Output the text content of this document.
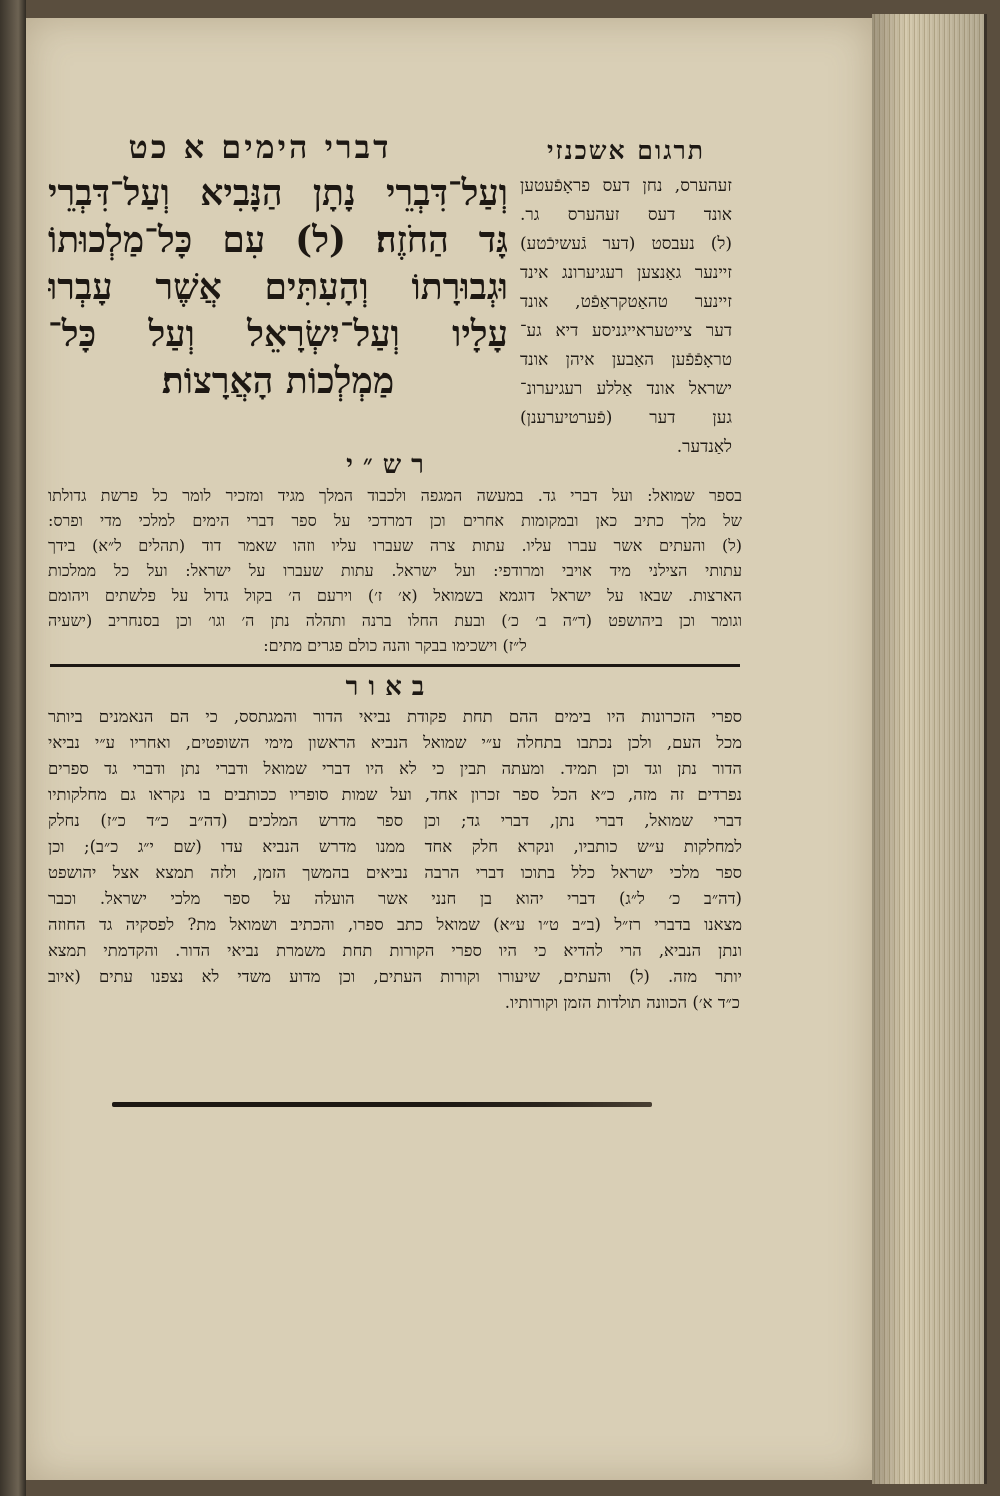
תרגום אשכנזי
דברי הימים א כט
וְעַל־דִּבְרֵי נָתָן הַנָּבִיא וְעַל־דִּבְרֵי
גָּד הַחֹזֶה׃ (ל) עִם כָּל־מַלְכוּתוֹ
וּגְבוּרָתוֹ וְהָעִתִּים אֲשֶׁר עָבְרוּ
עָלָיו וְעַל־יִשְׂרָאֵל וְעַל כָּל־
מַמְלְכוֹת הָאֲרָצוֹת׃
זעהערס, נחן דעס פראָפֿעטען
אונד דעס זעהערס גר.
(ל) נעבסט (דער גֿעשיכֿטע)
זיינער גאַנצען רעגיערונג אינד
זיינער טהאַטקראַפֿט, אונד
דער צייטעראייגניסע דיא גע־
טראָפֿפֿען האַבען איהן אונד
ישראל אונד אַללע רעגיערונ־
גען דער (פֿערטיערענן)
לאַנדער.
רש״י
בספר שמואל: ועל דברי גד. במעשה המגפה ולכבוד המלך מגיד ומזכיר לומר כל פרשת גדולתו
של מלך כתיב כאן ובמקומות אחרים וכן דמרדכי על ספר דברי הימים למלכי מדי ופרס:
(ל) והעתים אשר עברו עליו. עתות צרה שעברו עליו וזהו שאמר דוד (תהלים ל״א) בידך
עתותי הצילני מיד אויבי ומרודפי: ועל ישראל. עתות שעברו על ישראל: ועל כל ממלכות
הארצות. שבאו על ישראל דוגמא בשמואל (א׳ ז׳) וירעם ה׳ בקול גדול על פלשתים ויהומם
וגומר וכן ביהושפט (ד״ה ב׳ כ׳) ובעת החלו ברנה ותהלה נתן ה׳ וגו׳ וכן בסנחריב (ישעיה
ל״ז) וישכימו בבקר והנה כולם פגרים מתים:
באור
ספרי הזכרונות היו בימים ההם תחת פקודת נביאי הדור והמגתסס, כי הם הנאמנים ביותר
מכל העם, ולכן נכתבו בתחלה ע״י שמואל הנביא הראשון מימי השופטים, ואחריו ע״י נביאי
הדור נתן וגד וכן תמיד. ומעתה תבין כי לא היו דברי שמואל ודברי נתן ודברי גד ספרים
נפרדים זה מזה, כ״א הכל ספר זכרון אחד, ועל שמות סופריו ככותבים בו נקראו גם מחלקותיו
דברי שמואל, דברי נתן, דברי גד; וכן ספר מדרש המלכים (דה״ב כ״ד כ״ז) נחלק
למחלקות ע״ש כותביו, ונקרא חלק אחד ממנו מדרש הנביא עדו (שם י״ג כ״ב); וכן
ספר מלכי ישראל כלל בתוכו דברי הרבה נביאים בהמשך הזמן, ולזה תמצא אצל יהושפט
(דה״ב כ׳ ל״ג) דברי יהוא בן חנני אשר הועלה על ספר מלכי ישראל. וכבר
מצאנו בדברי רז״ל (ב״ב ט״ו ע״א) שמואל כתב ספרו, והכתיב ושמואל מת? לפסקיה גד החוזה
ונתן הנביא, הרי להדיא כי היו ספרי הקורות תחת משמרת נביאי הדור. והקדמתי תמצא
יותר מזה. (ל) והעתים, שיעורו וקורות העתים, וכן מדוע משדי לא נצפנו עתים (איוב
כ״ד א׳) הכוונה תולדות הזמן וקורותיו.
